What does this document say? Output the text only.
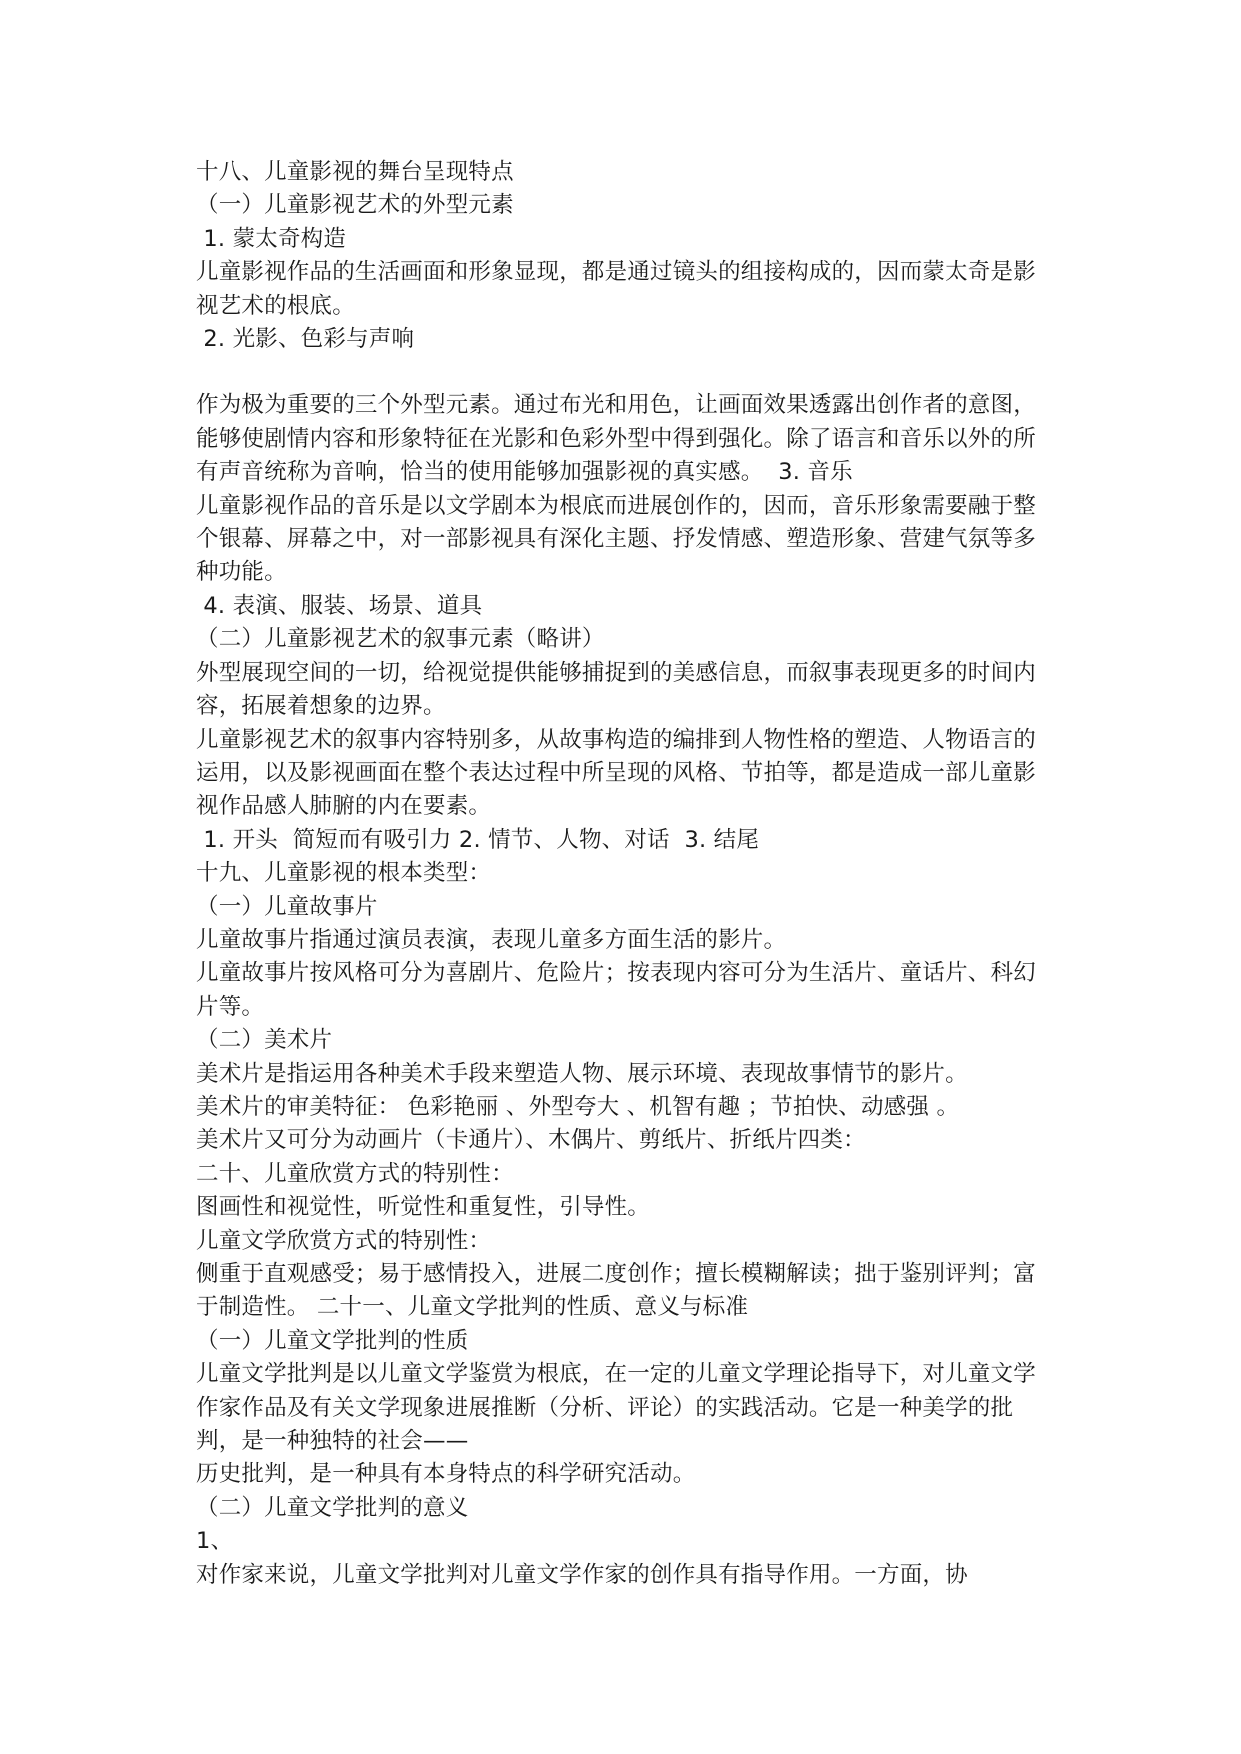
十八、儿童影视的舞台呈现特点

（一）儿童影视艺术的外型元素

1. 蒙太奇构造

儿童影视作品的生活画面和形象显现，都是通过镜头的组接构成的，因而蒙太奇是影视艺术的根底。

2. 光影、色彩与声响

作为极为重要的三个外型元素。通过布光和用色，让画面效果透露出创作者的意图，能够使剧情内容和形象特征在光影和色彩外型中得到强化。除了语言和音乐以外的所有声音统称为音响，恰当的使用能够加强影视的真实感。  3. 音乐

儿童影视作品的音乐是以文学剧本为根底而进展创作的，因而，音乐形象需要融于整个银幕、屏幕之中，对一部影视具有深化主题、抒发情感、塑造形象、营建气氛等多种功能。

4. 表演、服装、场景、道具

（二）儿童影视艺术的叙事元素（略讲）

外型展现空间的一切，给视觉提供能够捕捉到的美感信息，而叙事表现更多的时间内容，拓展着想象的边界。

儿童影视艺术的叙事内容特别多，从故事构造的编排到人物性格的塑造、人物语言的运用，以及影视画面在整个表达过程中所呈现的风格、节拍等，都是造成一部儿童影视作品感人肺腑的内在要素。

1. 开头  简短而有吸引力 2. 情节、人物、对话  3. 结尾

十九、儿童影视的根本类型：

（一）儿童故事片

儿童故事片指通过演员表演，表现儿童多方面生活的影片。

儿童故事片按风格可分为喜剧片、危险片；按表现内容可分为生活片、童话片、科幻片等。

（二）美术片

美术片是指运用各种美术手段来塑造人物、展示环境、表现故事情节的影片。

美术片的审美特征： 色彩艳丽 、外型夸大 、机智有趣 ；节拍快、动感强 。

美术片又可分为动画片（卡通片）、木偶片、剪纸片、折纸片四类：

二十、儿童欣赏方式的特别性：

图画性和视觉性，听觉性和重复性，引导性。

儿童文学欣赏方式的特别性：

侧重于直观感受；易于感情投入，进展二度创作；擅长模糊解读；拙于鉴别评判；富于制造性。 二十一、儿童文学批判的性质、意义与标准

（一）儿童文学批判的性质

儿童文学批判是以儿童文学鉴赏为根底，在一定的儿童文学理论指导下，对儿童文学作家作品及有关文学现象进展推断（分析、评论）的实践活动。它是一种美学的批判，是一种独特的社会——

历史批判，是一种具有本身特点的科学研究活动。

（二）儿童文学批判的意义

1、

对作家来说，儿童文学批判对儿童文学作家的创作具有指导作用。一方面，协
